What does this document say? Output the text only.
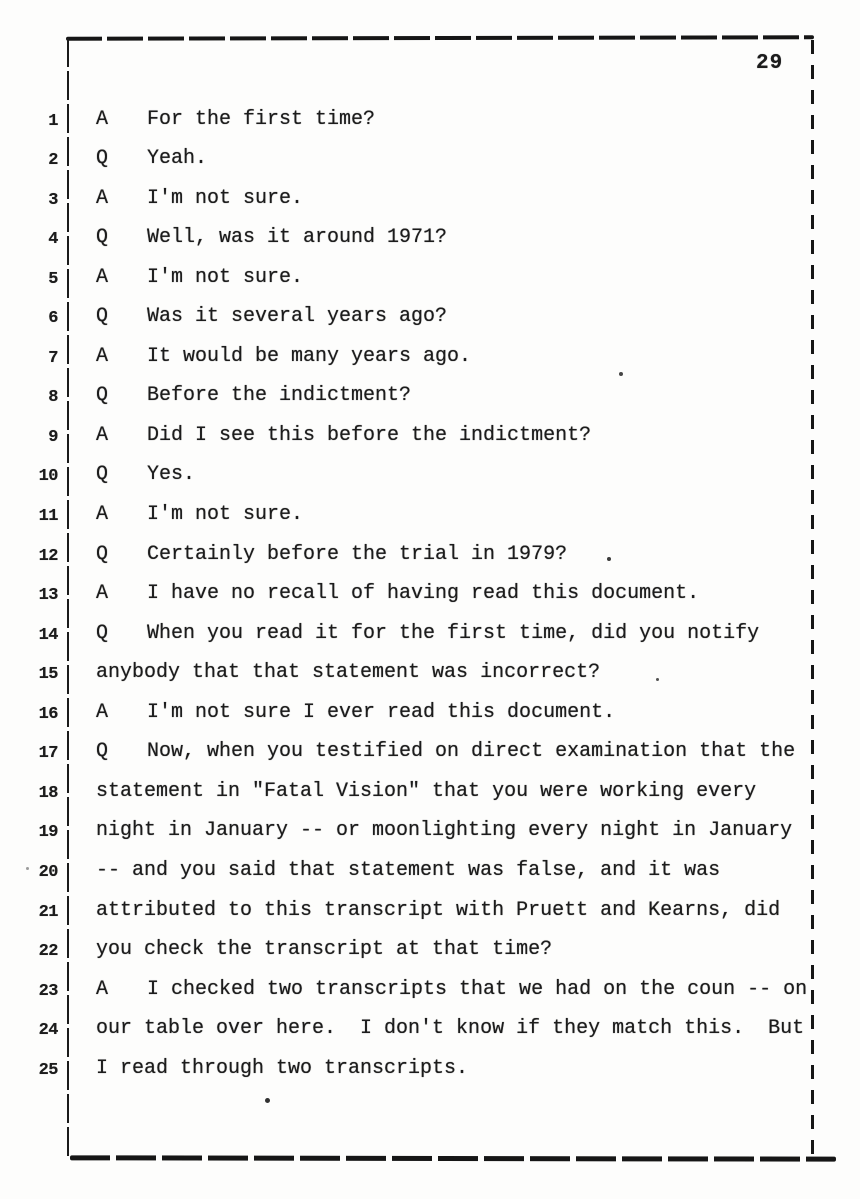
29
1 A For the first time?
2 Q Yeah.
3 A I'm not sure.
4 Q Well, was it around 1971?
5 A I'm not sure.
6 Q Was it several years ago?
7 A It would be many years ago.
8 Q Before the indictment?
9 A Did I see this before the indictment?
10 Q Yes.
11 A I'm not sure.
12 Q Certainly before the trial in 1979?
13 A I have no recall of having read this document.
14 Q When you read it for the first time, did you notify
15 anybody that that statement was incorrect?
16 A I'm not sure I ever read this document.
17 Q Now, when you testified on direct examination that the
18 statement in "Fatal Vision" that you were working every
19 night in January -- or moonlighting every night in January
20 -- and you said that statement was false, and it was
21 attributed to this transcript with Pruett and Kearns, did
22 you check the transcript at that time?
23 A I checked two transcripts that we had on the coun -- on
24 our table over here.  I don't know if they match this.  But
25 I read through two transcripts.
